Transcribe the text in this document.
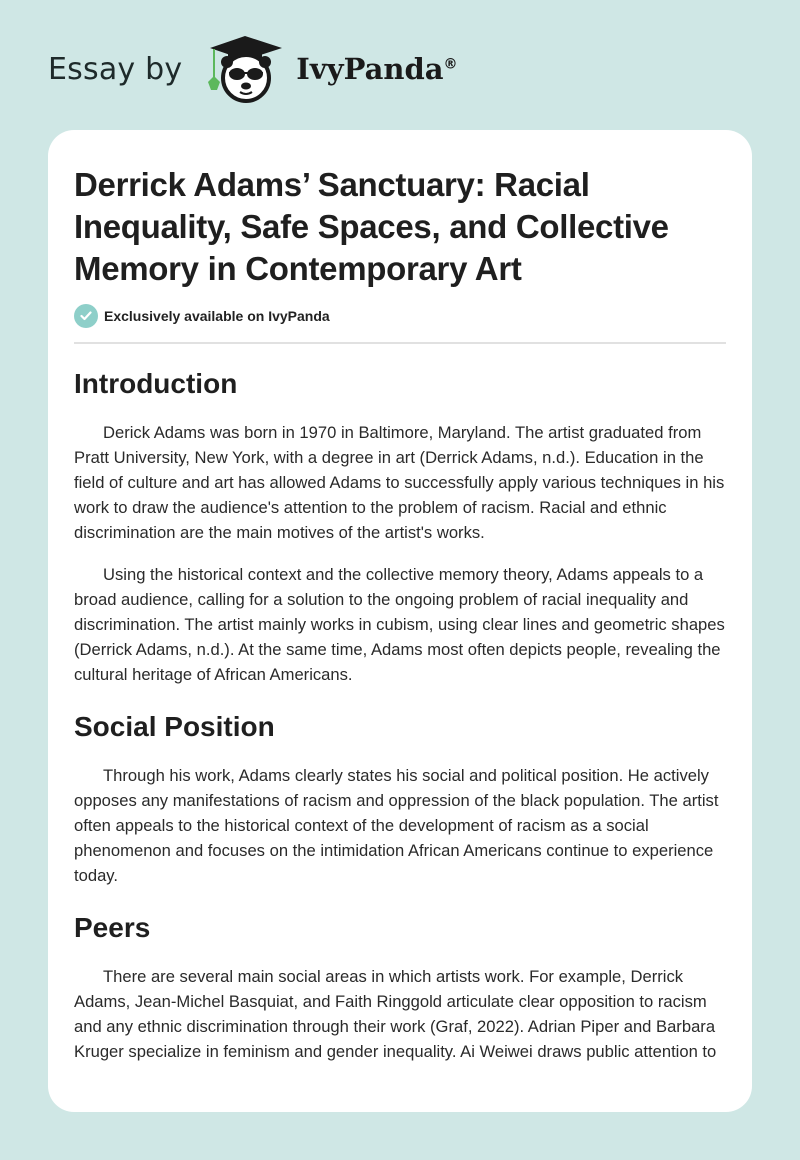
Essay by	IvyPanda®
Derrick Adams’ Sanctuary: Racial Inequality, Safe Spaces, and Collective Memory in Contemporary Art
Exclusively available on IvyPanda
Introduction

Derick Adams was born in 1970 in Baltimore, Maryland. The artist graduated from Pratt University, New York, with a degree in art (Derrick Adams, n.d.). Education in the field of culture and art has allowed Adams to successfully apply various techniques in his work to draw the audience's attention to the problem of racism. Racial and ethnic discrimination are the main motives of the artist's works.

Using the historical context and the collective memory theory, Adams appeals to a broad audience, calling for a solution to the ongoing problem of racial inequality and discrimination. The artist mainly works in cubism, using clear lines and geometric shapes (Derrick Adams, n.d.). At the same time, Adams most often depicts people, revealing the cultural heritage of African Americans.

Social Position

Through his work, Adams clearly states his social and political position. He actively opposes any manifestations of racism and oppression of the black population. The artist often appeals to the historical context of the development of racism as a social phenomenon and focuses on the intimidation African Americans continue to experience today.

Peers

There are several main social areas in which artists work. For example, Derrick Adams, Jean-Michel Basquiat, and Faith Ringgold articulate clear opposition to racism and any ethnic discrimination through their work (Graf, 2022). Adrian Piper and Barbara Kruger specialize in feminism and gender inequality. Ai Weiwei draws public attention to
